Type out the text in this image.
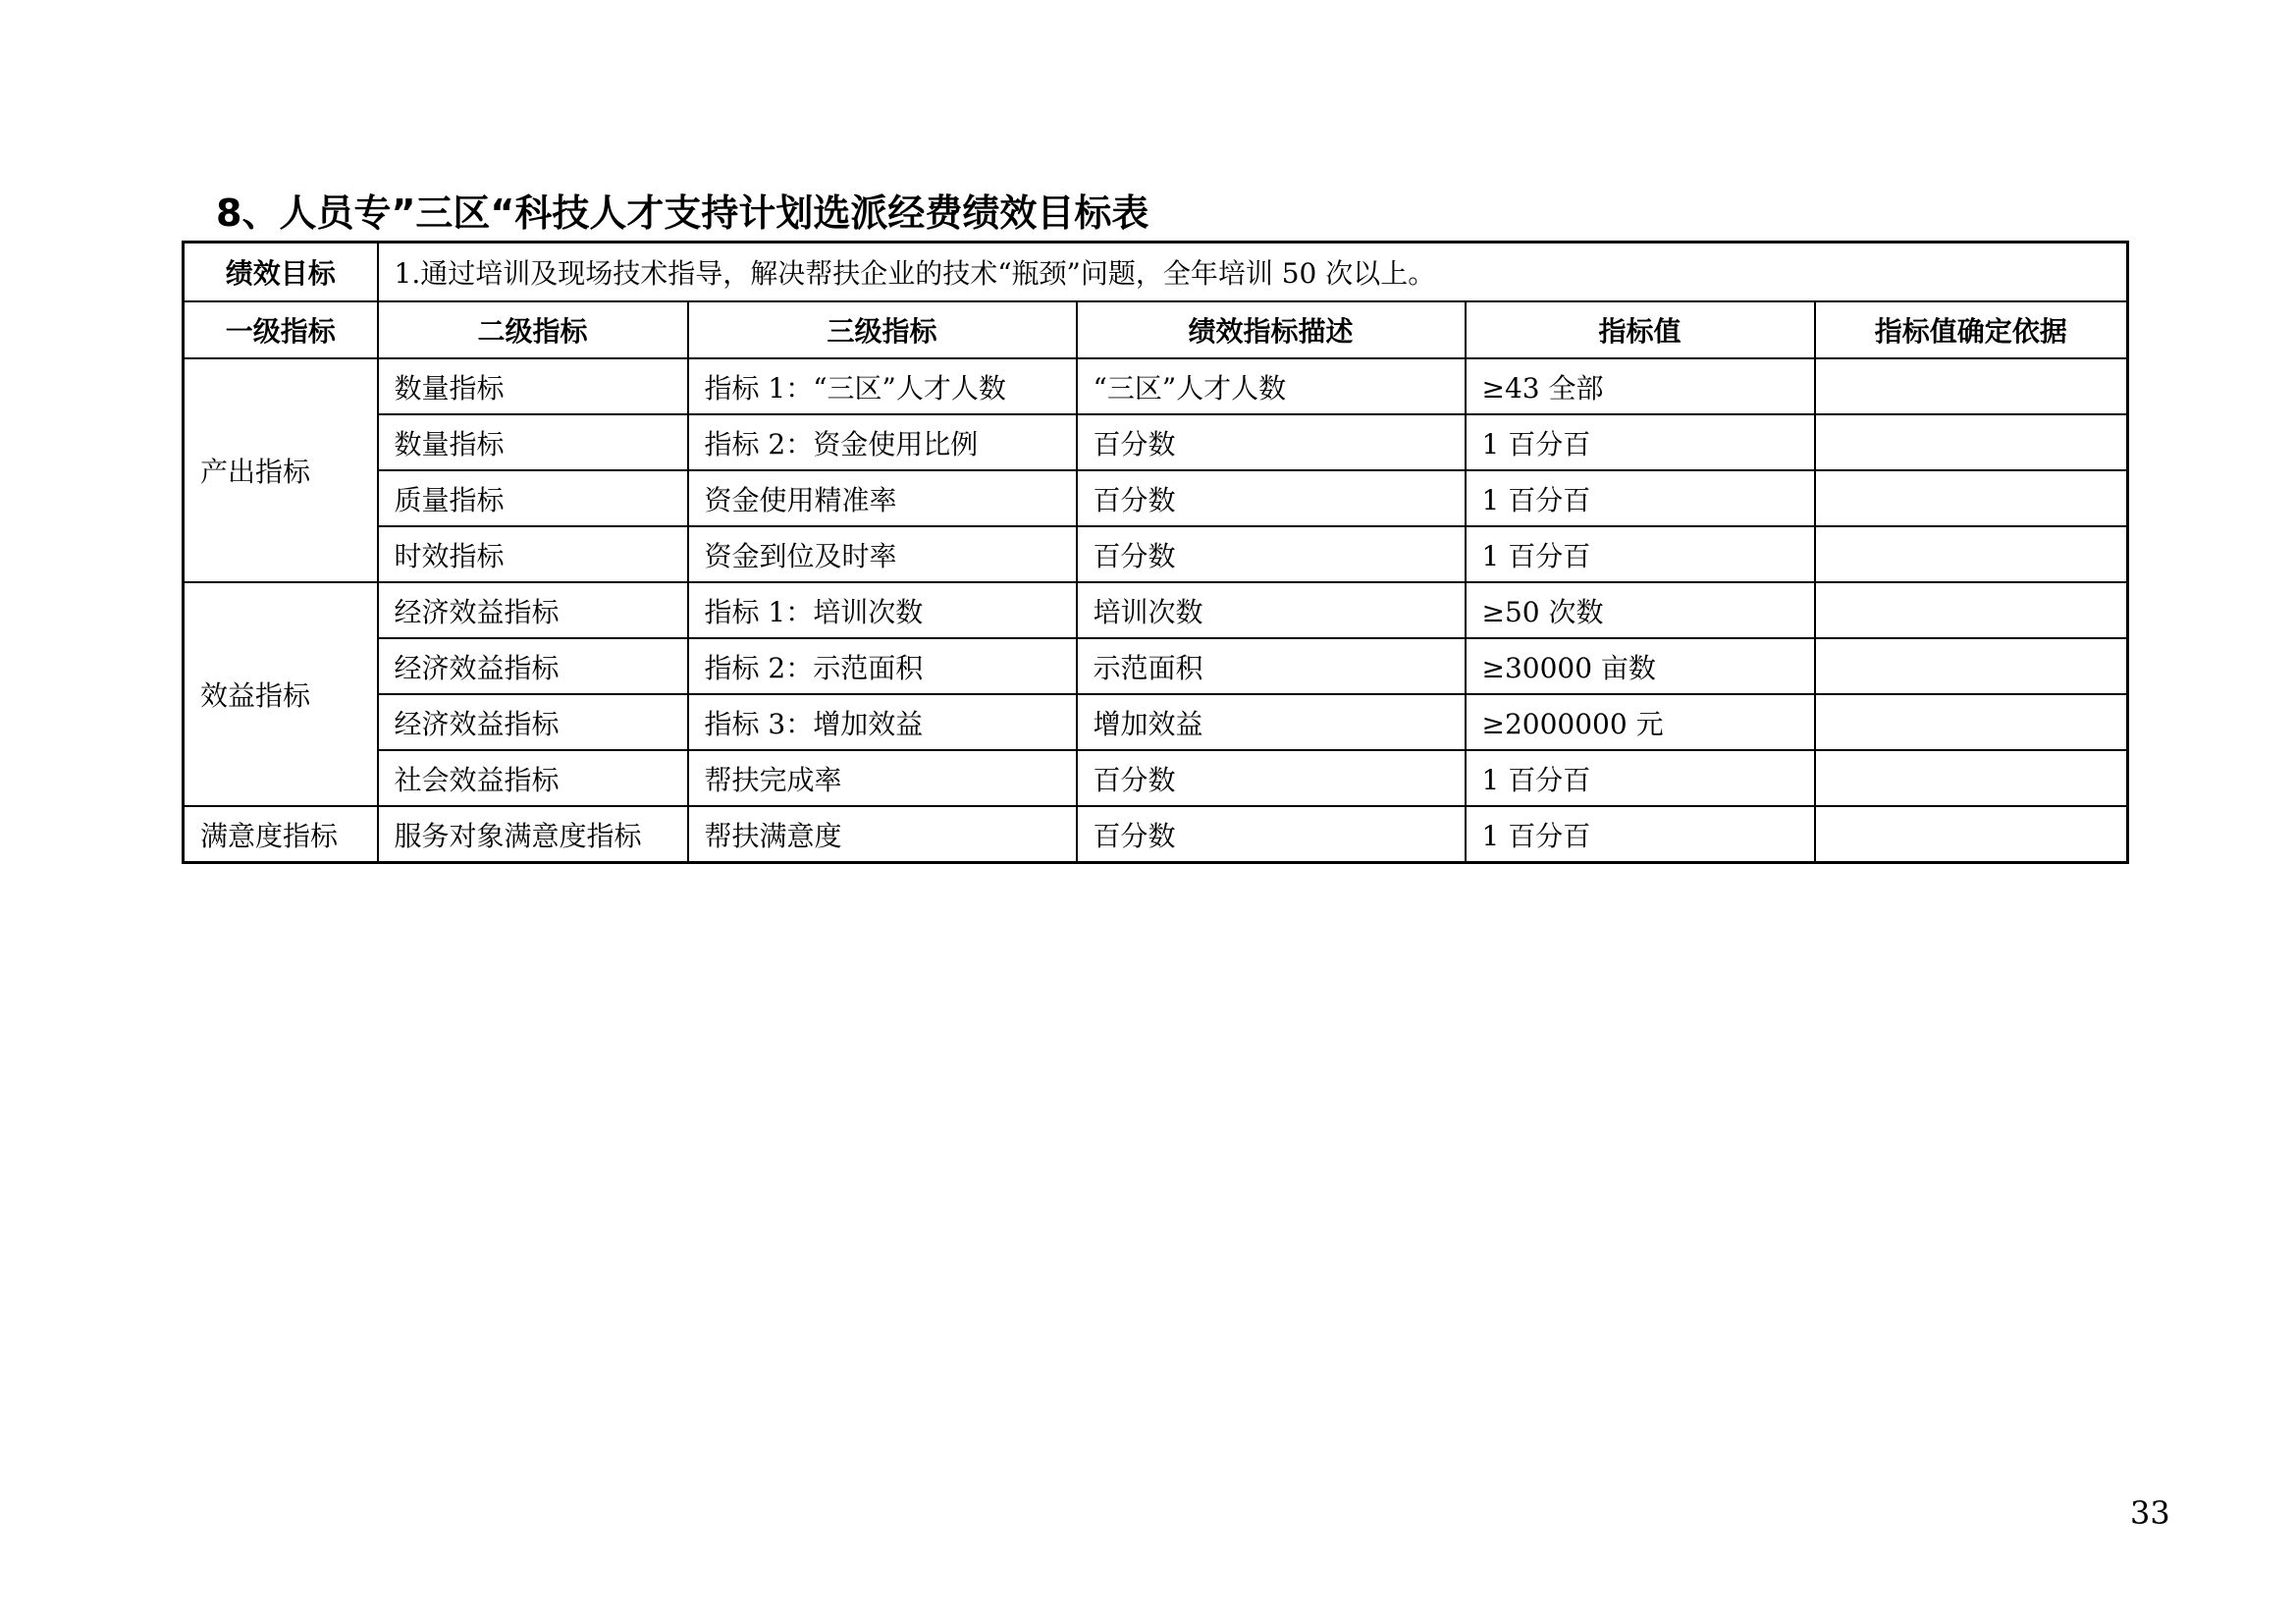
8、人员专”三区“科技人才支持计划选派经费绩效目标表
绩效目标	1.通过培训及现场技术指导，解决帮扶企业的技术“瓶颈”问题，全年培训 50 次以上。				
一级指标	二级指标	三级指标	绩效指标描述	指标值	指标值确定依据
产出指标	数量指标	指标 1：“三区”人才人数	“三区”人才人数	≥43 全部	
	数量指标	指标 2：资金使用比例	百分数	1 百分百	
	质量指标	资金使用精准率	百分数	1 百分百	
	时效指标	资金到位及时率	百分数	1 百分百	
效益指标	经济效益指标	指标 1：培训次数	培训次数	≥50 次数	
	经济效益指标	指标 2：示范面积	示范面积	≥30000 亩数	
	经济效益指标	指标 3：增加效益	增加效益	≥2000000 元	
	社会效益指标	帮扶完成率	百分数	1 百分百	
满意度指标	服务对象满意度指标	帮扶满意度	百分数	1 百分百	
33
